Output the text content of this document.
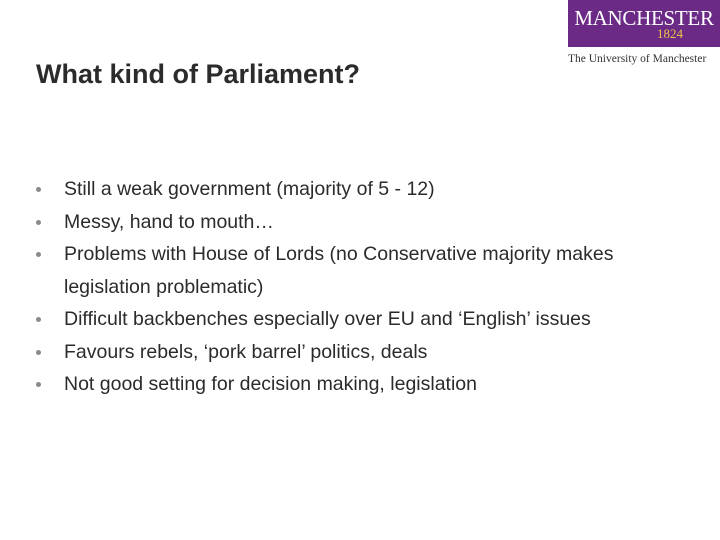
MANCHESTER
1824
The University of Manchester
What kind of Parliament?
Still a weak government (majority of 5 - 12)
Messy, hand to mouth…
Problems with House of Lords (no Conservative majority makes legislation problematic)
Difficult backbenches especially over EU and ‘English’ issues
Favours rebels, ‘pork barrel’ politics, deals
Not good setting for decision making, legislation
